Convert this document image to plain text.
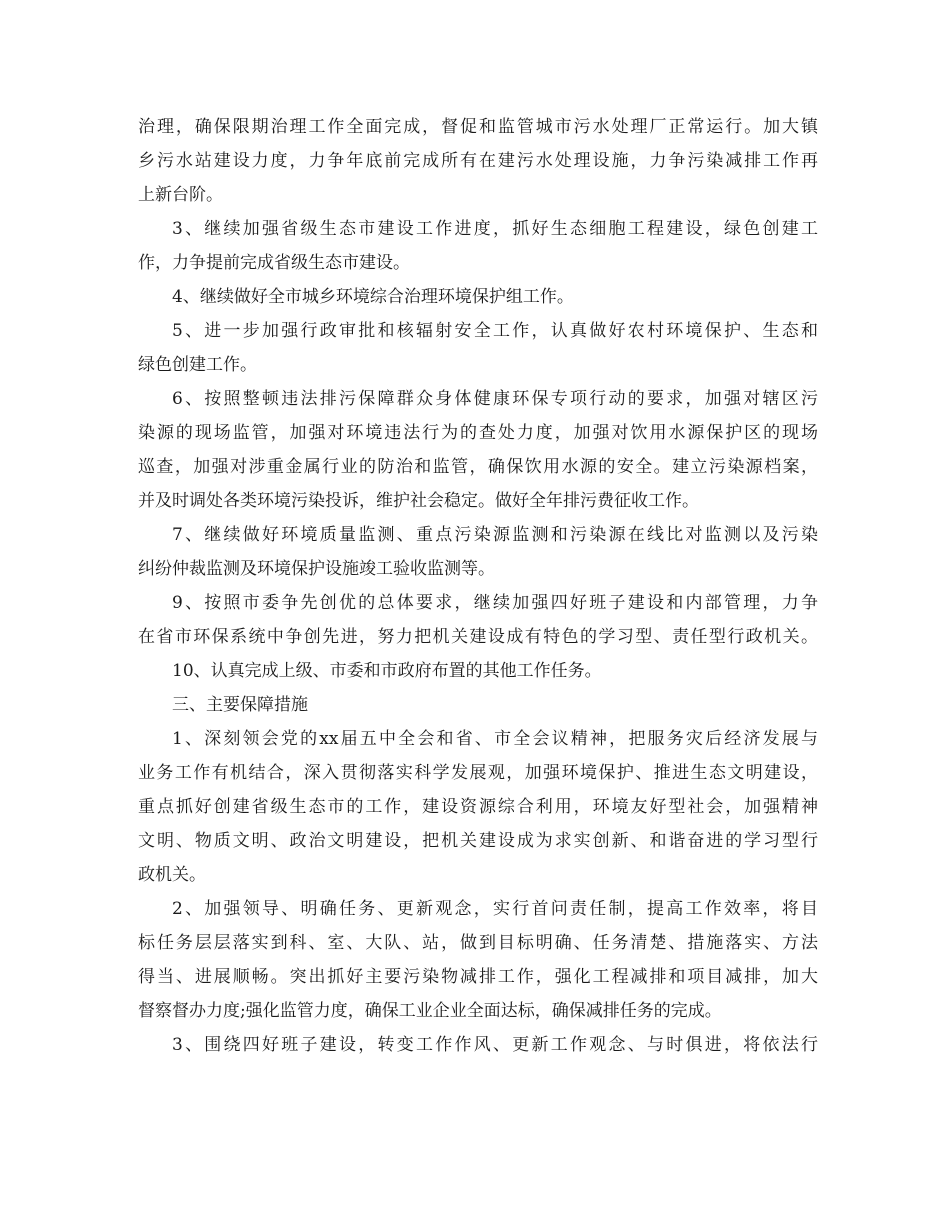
治理，确保限期治理工作全面完成，督促和监管城市污水处理厂正常运行。加大镇
乡污水站建设力度，力争年底前完成所有在建污水处理设施，力争污染减排工作再
上新台阶。
3、继续加强省级生态市建设工作进度，抓好生态细胞工程建设，绿色创建工
作，力争提前完成省级生态市建设。
4、继续做好全市城乡环境综合治理环境保护组工作。
5、进一步加强行政审批和核辐射安全工作，认真做好农村环境保护、生态和
绿色创建工作。
6、按照整顿违法排污保障群众身体健康环保专项行动的要求，加强对辖区污
染源的现场监管，加强对环境违法行为的查处力度，加强对饮用水源保护区的现场
巡查，加强对涉重金属行业的防治和监管，确保饮用水源的安全。建立污染源档案，
并及时调处各类环境污染投诉，维护社会稳定。做好全年排污费征收工作。
7、继续做好环境质量监测、重点污染源监测和污染源在线比对监测以及污染
纠纷仲裁监测及环境保护设施竣工验收监测等。
9、按照市委争先创优的总体要求，继续加强四好班子建设和内部管理，力争
在省市环保系统中争创先进，努力把机关建设成有特色的学习型、责任型行政机关。
10、认真完成上级、市委和市政府布置的其他工作任务。
三、主要保障措施
1、深刻领会党的xx届五中全会和省、市全会议精神，把服务灾后经济发展与
业务工作有机结合，深入贯彻落实科学发展观，加强环境保护、推进生态文明建设，
重点抓好创建省级生态市的工作，建设资源综合利用，环境友好型社会，加强精神
文明、物质文明、政治文明建设，把机关建设成为求实创新、和谐奋进的学习型行
政机关。
2、加强领导、明确任务、更新观念，实行首问责任制，提高工作效率，将目
标任务层层落实到科、室、大队、站，做到目标明确、任务清楚、措施落实、方法
得当、进展顺畅。突出抓好主要污染物减排工作，强化工程减排和项目减排，加大
督察督办力度;强化监管力度，确保工业企业全面达标，确保减排任务的完成。
3、围绕四好班子建设，转变工作作风、更新工作观念、与时俱进，将依法行
